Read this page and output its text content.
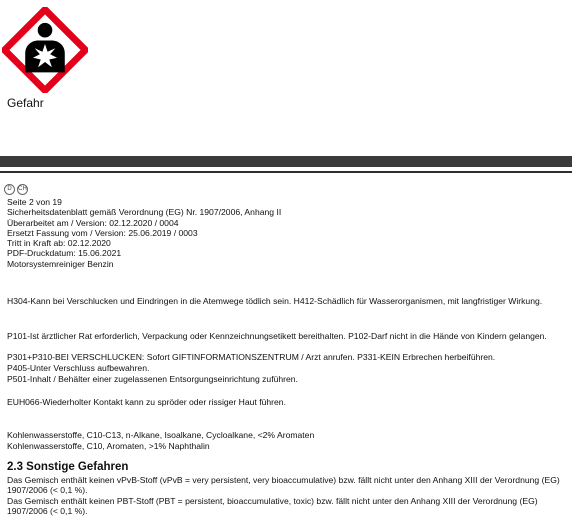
Gefahr
D	CH
Seite 2 von 19
Sicherheitsdatenblatt gemäß Verordnung (EG) Nr. 1907/2006, Anhang II
Überarbeitet am / Version: 02.12.2020 / 0004
Ersetzt Fassung vom / Version: 25.06.2019 / 0003
Tritt in Kraft ab: 02.12.2020
PDF-Druckdatum: 15.06.2021
Motorsystemreiniger Benzin
H304-Kann bei Verschlucken und Eindringen in die Atemwege tödlich sein. H412-Schädlich für Wasserorganismen, mit langfristiger Wirkung.
P101-Ist ärztlicher Rat erforderlich, Verpackung oder Kennzeichnungsetikett bereithalten. P102-Darf nicht in die Hände von Kindern gelangen.
P301+P310-BEI VERSCHLUCKEN: Sofort GIFTINFORMATIONSZENTRUM / Arzt anrufen. P331-KEIN Erbrechen herbeiführen.
P405-Unter Verschluss aufbewahren.
P501-Inhalt / Behälter einer zugelassenen Entsorgungseinrichtung zuführen.
EUH066-Wiederholter Kontakt kann zu spröder oder rissiger Haut führen.
Kohlenwasserstoffe, C10-C13, n-Alkane, Isoalkane, Cycloalkane, <2% Aromaten
Kohlenwasserstoffe, C10, Aromaten, >1% Naphthalin
2.3 Sonstige Gefahren
Das Gemisch enthält keinen vPvB-Stoff (vPvB = very persistent, very bioaccumulative) bzw. fällt nicht unter den Anhang XIII der Verordnung (EG) 1907/2006 (< 0,1 %).
Das Gemisch enthält keinen PBT-Stoff (PBT = persistent, bioaccumulative, toxic) bzw. fällt nicht unter den Anhang XIII der Verordnung (EG) 1907/2006 (< 0,1 %).
